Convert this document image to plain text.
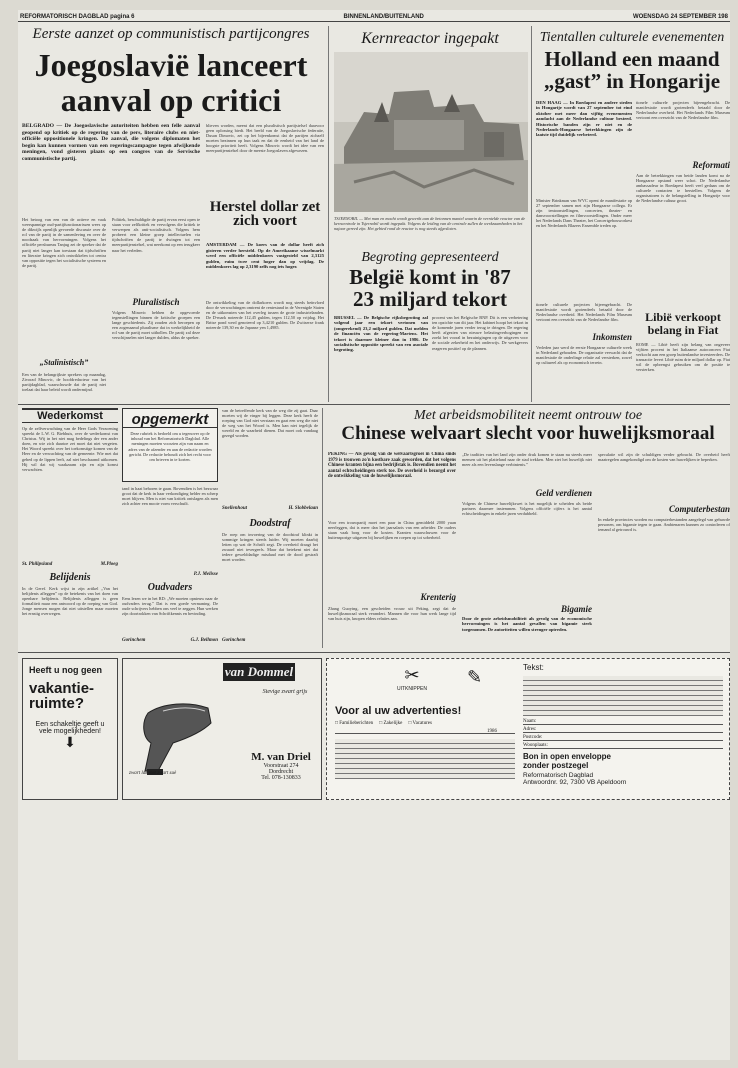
REFORMATORISCH DAGBLAD pagina 6	BINNENLAND/BUITENLAND	WOENSDAG 24 SEPTEMBER 198
Eerste aanzet op communistisch partijcongres
Joegoslavië lanceert
aanval op critici
BELGRADO — De Joegoslavische autoriteiten hebben een felle aanval geopend op kritiek op de regering van de pers, literaire clubs en niet-officiële oppositionele kringen. De aanval, die volgens diplomaten het begin kan kunnen vormen van een regeringscampagne tegen afwijkende meningen, vond gisteren plaats op een congres van de Servische communistische partij.
Het betoog van een van de actieve en vaak weerspannige oud-partijfunctionarissen wees op de dikwijls openlijk gevoerde discussie over de rol van de partij in de samenleving en over de noodzaak van hervormingen. Volgens het officiële persbureau Tanjug zei de spreker dat de partij niet langer kan toestaan dat tijdschriften en literaire kringen zich ontwikkelen tot centra van oppositie tegen het socialistische systeem en de partij.
„Stalinistisch”
Een van de belangrijkste sprekers op maandag, Zivorad Minovic, de hoofdredacteur van het partijdagblad, waarschuwde dat de partij niet toelaat dat haar beleid wordt ondermijnd.
Politiek, beschuldigde de partij ervan eerst open te staan voor zelfkritiek en vervolgens die kritiek te verwerpen als anti-socialistisch. Volgens hem probeert een kleine groep intellectuelen via tijdschriften de partij te dwingen tot een meerpartijenstelsel, wat neerkomt op een terugkeer naar het verleden.
Pluralistisch
Volgens Minovic hebben de opgevoerde tegenstellingen binnen de kritische groepen een lange geschiedenis. Zij zouden zich beroepen op een zogenaamd pluralisme dat in werkelijkheid de rol van de partij moet uithollen. De partij zal deze verschijnselen niet langer dulden, aldus de spreker.
blieven worden, meent dat een pluralistisch partijstelsel daarvoor geen oplossing biedt. Het beeld van de Joegoslavische federatie, Dusan Dimovic, zei op het bijeenkomst dat de partijen zichzelf moeten bezinnen op hun taak en dat de eenheid van het land de hoogste prioriteit heeft. Volgens Minovic wordt het idee van een meerpartijenstelsel door de meeste Joegoslaven afgewezen.
Herstel dollar zet zich voort
AMSTERDAM — De koers van de dollar heeft zich gisteren verder hersteld. Op de Amerikaanse wisselmarkt werd een officiële middenkoers vastgesteld van 2,3125 gulden, ruim twee cent hoger dan op vrijdag. De middenkoers lag op 2,3190 zelfs nog iets hoger.
De ontwikkeling van de dollarkoers wordt nog steeds beïnvloed door de verwachtingen omtrent de rentestand in de Verenigde Staten en de uitkomsten van het overleg tussen de grote industrielanden. De D-mark noteerde 112,45 gulden, tegen 112,50 op vrijdag. Het Britse pond werd genoteerd op 3,4210 gulden. De Zwitserse frank noteerde 139,30 en de Japanse yen 1,4985.
Kernreactor ingepakt
TSJERNOBIL — Met man en macht wordt gewerkt aan de betonnen mantel waarin de vernielde reactor van de kerncentrale in Tsjernobil wordt ingepakt. Volgens de leiding van de centrale zullen de werkzaamheden in het najaar gereed zijn. Het gebied rond de reactor is nog steeds afgesloten.
Begroting gepresenteerd
België komt in '87
23 miljard tekort
BRUSSEL — De Belgische rijksbegroting zal volgend jaar een tekort vertonen van (omgerekend) 23,2 miljard gulden. Dat melden de financiën van de regering-Martens. Het tekort is daarmee kleiner dan in 1986. De socialistische oppositie spreekt van een asociale begroting.
procent van het Belgische BNP. Dit is een verbetering ten opzichte van dit jaar. Het kabinet hoopt het tekort in de komende jaren verder terug te dringen. De regering heeft afgezien van nieuwe belastingverhogingen en zoekt het vooral in bezuinigingen op de uitgaven voor de sociale zekerheid en het onderwijs. De werkgevers reageren positief op de plannen.
Tientallen culturele evenementen
Holland een maand
„gast” in Hongarije
DEN HAAG — In Boedapest en andere steden in Hongarije wordt van 27 september tot eind oktober met meer dan vijftig evenementen aandacht aan de Nederlandse cultuur besteed. Historische banden zijn er niet en de Nederlands-Hongaarse betrekkingen zijn de laatste tijd duidelijk verbeterd.
Minister Brinkman van WVC opent de manifestatie op 27 september samen met zijn Hongaarse collega. Er zijn tentoonstellingen, concerten, theater- en dansvoorstellingen en filmvoorstellingen. Onder meer het Nederlands Dans Theater, het Concertgebouworkest en het Nederlands Blazers Ensemble treden op.
tionele culturele projecten bijeengebracht. De manifestatie wordt grotendeels betaald door de Nederlandse overheid. Het Nederlands Film Museum vertoont een overzicht van de Nederlandse film.
Inkomsten
Verleden jaar werd de eerste Hongaarse culturele week in Nederland gehouden. De organisatie verwacht dat de manifestatie de onderlinge relatie zal versterken, zowel op cultureel als op economisch terrein.
tionele culturele projecten bijeengebracht. De manifestatie wordt grotendeels betaald door de Nederlandse overheid. Het Nederlands Film Museum vertoont een overzicht van de Nederlandse film.
Reformati
Aan de betrekkingen van beide landen komt na de Hongaarse opstand weer schot. De Nederlandse ambassadeur in Boedapest heeft veel gedaan om de culturele contacten te herstellen. Volgens de organisatoren is de belangstelling in Hongarije voor de Nederlandse cultuur groot.
Libië verkoopt
belang in Fiat
ROME — Libië heeft zijn belang van ongeveer vijftien procent in het Italiaanse autoconcern Fiat verkocht aan een groep buitenlandse investeerders. De transactie levert Libië ruim drie miljard dollar op. Fiat wil de opbrengst gebruiken om de positie te versterken.
Wederkomst
Op de zelfverwachting van de Heer Gods Verzoening spreekt de L.W. G. Biebhuis, over de wederkomst van Christus. Wij in het niet mag bedelings der een ander doen, en wie zich daartoe zet moet dat niet vergeten. Het Woord spreekt over het toekomstige komen van de Heer en de verwachting van de gemeente. Wie met dat gebed op de lippen leeft, zal niet beschaamd uitkomen. Hij wil dat wij waakzaam zijn en zijn komst verwachten.
St. Philipsland	M.Ploeg
Belijdenis
In de Geref. Kerk wijst in zijn artikel „Van het belijdenis afleggen” op de betekenis van het doen van openbare belijdenis. Belijdenis afleggen is geen formaliteit maar een antwoord op de roeping van God. Jonge mensen mogen dat niet uitstellen maar moeten het ernstig overwegen.
opgemerkt
Deze rubriek is bedoeld om u tegenover op de inhoud van het Reformatorisch Dagblad. Alle meningen moeten voorzien zijn van naam en adres van de afzender en aan de redactie worden gericht. De redactie behoudt zich het recht voor om brieven in te korten.
tand in haat behoren te gaan. Bovendien is het bezwaar groot dat de kerk in haar verkondiging helder en scherp moet blijven. Men is niet van kritiek ontslagen als men zich achter een mooie vorm verschuilt.
P.J. Melisse
Oudvaders
Eens lezen we in het RD: „We moeten opnieuw naar de oudvaders terug.” Dat is een goede vermaning. De oude schrijvers hebben ons veel te zeggen. Hun werken zijn doortrokken van Schriftkennis en bevinding.
Gorinchem	G.J. Bellmon
van de betreffende kerk van de weg die zij gaat. Daar moeten wij de vinger bij leggen. Deze kerk heeft de roeping van God niet verstaan en gaat een weg die niet de weg van het Woord is. Men kan niet tegelijk de wereld en de waarheid dienen. Dat moet ook vandaag gezegd worden.
Snellenhout	H. Slobbelaan
Doodstraf
De roep om invoering van de doodstraf klinkt in sommige kringen steeds luider. Wij moeten daarbij letten op wat de Schrift zegt. De overheid draagt het zwaard niet tevergeefs. Maar dat betekent niet dat iedere gewelddadige misdaad met de dood gestraft moet worden.
Gorinchem
Met arbeidsmobiliteit neemt ontrouw toe
Chinese welvaart slecht voor huwelijksmoraal
PEKING — Als gevolg van de welvaartsgroei in China sinds 1979 is trouwen zo'n kostbare zaak geworden, dat het volgens Chinese kranten bijna een bedrijfstak is. Bovendien neemt het aantal echtscheidingen sterk toe. De overheid is bezorgd over de ontwikkeling van de huwelijksmoraal.
Voor een trouwpartij moet een paar in China gemiddeld 2000 yuan neerleggen, dat is meer dan het jaarsalaris van een arbeider. De ouders staan vaak borg voor de kosten. Kranten waarschuwen voor de buitensporige uitgaven bij huwelijken en roepen op tot soberheid.
Krenterig
Zhang Guoying, een gescheiden vrouw uit Peking, zegt dat de huwelijksmoraal sterk verandert. Mannen die voor hun werk lange tijd van huis zijn, knopen elders relaties aan.
„De tradities van het land zijn onder druk komen te staan nu steeds meer mensen uit het platteland naar de stad trekken. Men ziet het huwelijk niet meer als een levenslange verbintenis.”
Geld verdienen
Volgens de Chinese huwelijkswet is het mogelijk te scheiden als beide partners daarmee instemmen. Volgens officiële cijfers is het aantal echtscheidingen in enkele jaren verdubbeld.
Bigamie
Door de grote arbeidsmobiliteit als gevolg van de economische hervormingen is het aantal gevallen van bigamie sterk toegenomen. De autoriteiten willen strenger optreden.
speculatie wil zijn de schuldigen verder gebracht. De overheid heeft maatregelen aangekondigd om de kosten van huwelijken te beperken.
Computerbestan
In enkele provincies worden nu computerbestanden aangelegd van gehuwde personen, om bigamie tegen te gaan. Ambtenaren kunnen zo controleren of iemand al getrouwd is.
Heeft u nog geen
vakantie-ruimte?
Een schakeltje geeft u vele mogelijkheden!
⬇
van Dommel
Stevige zwart grijs
zwart lak met zwart suè
M. van Driel
Voorstraat 274
Dordrecht
Tel. 078-130833
✂
UITKNIPPEN
✎
Voor al uw advertenties!
□ Familieberichten □ Zakelijke □ Vacatures
1986
Tekst:
Naam:
Adres:
Postcode:
Woonplaats:
Bon in open enveloppe
zonder postzegel
Reformatorisch Dagblad
Antwoordnr. 92, 7300 VB Apeldoorn
